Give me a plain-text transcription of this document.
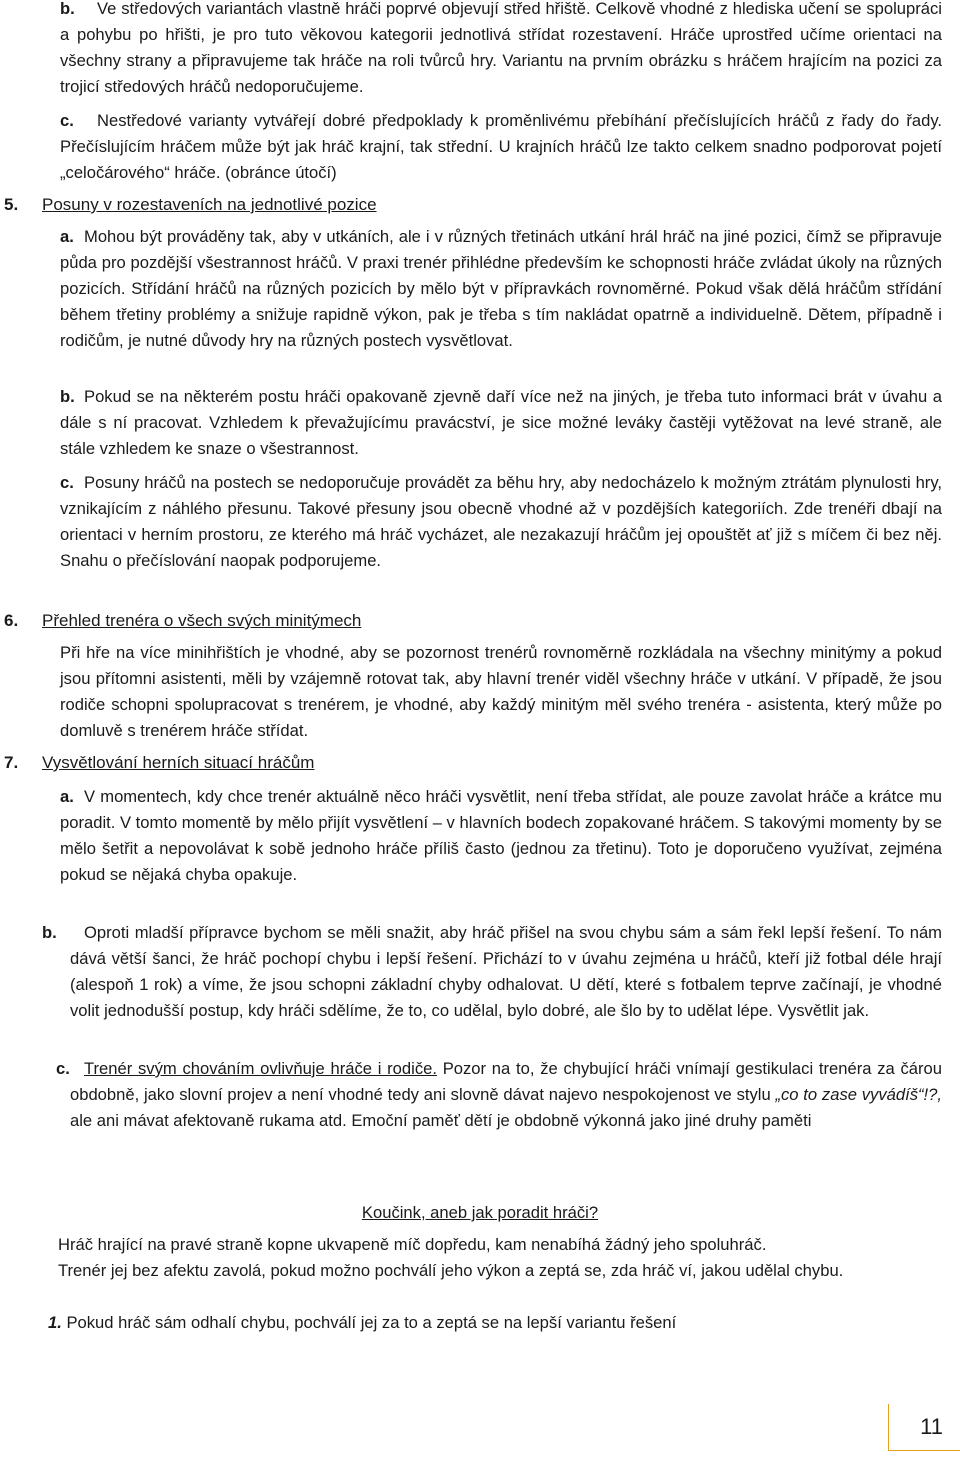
b.	Ve středových variantách vlastně hráči poprvé objevují střed hřiště. Celkově vhodné z hlediska učení se spolupráci a pohybu po hřišti, je pro tuto věkovou kategorii jednotlivá střídat rozestavení. Hráče uprostřed učíme orientaci na všechny strany a připravujeme tak hráče na roli tvůrců hry. Variantu na prvním obrázku s hráčem hrajícím na pozici za trojicí středových hráčů nedoporučujeme.

c.	Nestředové varianty vytvářejí dobré předpoklady k proměnlivému přebíhání přečíslujících hráčů z řady do řady. Přečíslujícím hráčem může být jak hráč krajní, tak střední. U krajních hráčů lze takto celkem snadno podporovat pojetí „celočárového“ hráče. (obránce útočí)

5. Posuny v rozestaveních na jednotlivé pozice
a. Mohou být prováděny tak, aby v utkáních, ale i v různých třetinách utkání hrál hráč na jiné pozici, čímž se připravuje půda pro pozdější všestrannost hráčů. V praxi trenér přihlédne především ke schopnosti hráče zvládat úkoly na různých pozicích. Střídání hráčů na různých pozicích by mělo být v přípravkách rovnoměrné. Pokud však dělá hráčům střídání během třetiny problémy a snižuje rapidně výkon, pak je třeba s tím nakládat opatrně a individuelně. Dětem, případně i rodičům, je nutné důvody hry na různých postech vysvětlovat.

b. Pokud se na některém postu hráči opakovaně zjevně daří více než na jiných, je třeba tuto informaci brát v úvahu a dále s ní pracovat. Vzhledem k převažujícímu pravácství, je sice možné leváky častěji vytěžovat na levé straně, ale stále vzhledem ke snaze o všestrannost.

c. Posuny hráčů na postech se nedoporučuje provádět za běhu hry, aby nedocházelo k možným ztrátám plynulosti hry, vznikajícím z náhlého přesunu. Takové přesuny jsou obecně vhodné až v pozdějších kategoriích. Zde trenéři dbají na orientaci v herním prostoru, ze kterého má hráč vycházet, ale nezakazují hráčům jej opouštět ať již s míčem či bez něj. Snahu o přečíslování naopak podporujeme.

6. Přehled trenéra o všech svých minitýmech

Při hře na více minihřištích je vhodné, aby se pozornost trenérů rovnoměrně rozkládala na všechny minitýmy a pokud jsou přítomni asistenti, měli by vzájemně rotovat tak, aby hlavní trenér viděl všechny hráče v utkání. V případě, že jsou rodiče schopni spolupracovat s trenérem, je vhodné, aby každý minitým měl svého trenéra - asistenta, který může po domluvě s trenérem hráče střídat.

7. Vysvětlování herních situací hráčům
a. V momentech, kdy chce trenér aktuálně něco hráči vysvětlit, není třeba střídat, ale pouze zavolat hráče a krátce mu poradit. V tomto momentě by mělo přijít vysvětlení – v hlavních bodech zopakované hráčem. S takovými momenty by se mělo šetřit a nepovolávat k sobě jednoho hráče příliš často (jednou za třetinu). Toto je doporučeno využívat, zejména pokud se nějaká chyba opakuje.

b.	Oproti mladší přípravce bychom se měli snažit, aby hráč přišel na svou chybu sám a sám řekl lepší řešení. To nám dává větší šanci, že hráč pochopí chybu i lepší řešení. Přichází to v úvahu zejména u hráčů, kteří již fotbal déle hrají (alespoň 1 rok) a víme, že jsou schopni základní chyby odhalovat. U dětí, které s fotbalem teprve začínají, je vhodné volit jednodušší postup, kdy hráči sdělíme, že to, co udělal, bylo dobré, ale šlo by to udělat lépe. Vysvětlit jak.

c. Trenér svým chováním ovlivňuje hráče i rodiče. Pozor na to, že chybující hráči vnímají gestikulaci trenéra za čárou obdobně, jako slovní projev a není vhodné tedy ani slovně dávat najevo nespokojenost ve stylu „co to zase vyvádíš“!?, ale ani mávat afektovaně rukama atd. Emoční paměť dětí je obdobně výkonná jako jiné druhy paměti

Koučink, aneb jak poradit hráči?

Hráč hrající na pravé straně kopne ukvapeně míč dopředu, kam nenabíhá žádný jeho spoluhráč.

Trenér jej bez afektu zavolá, pokud možno pochválí jeho výkon a zeptá se, zda hráč ví, jakou udělal chybu.

1. Pokud hráč sám odhalí chybu, pochválí jej za to a zeptá se na lepší variantu řešení

11
